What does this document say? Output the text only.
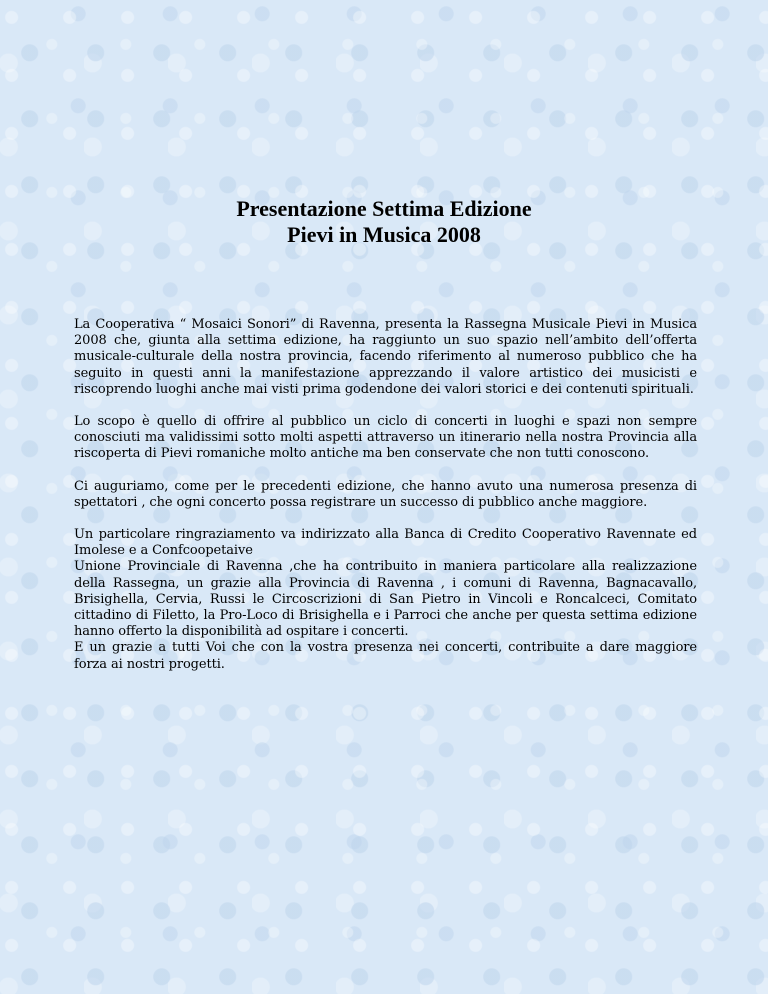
Presentazione Settima Edizione
Pievi in Musica 2008

La Cooperativa “ Mosaici Sonori” di Ravenna, presenta la Rassegna Musicale Pievi in Musica 2008 che, giunta alla settima edizione, ha raggiunto un suo spazio nell’ambito dell’offerta musicale-culturale della nostra provincia, facendo riferimento al numeroso pubblico che ha seguito in questi anni la manifestazione apprezzando il valore artistico dei musicisti e riscoprendo luoghi anche mai visti prima godendone dei valori storici e dei contenuti spirituali.

Lo scopo è quello di offrire al pubblico un ciclo di concerti in luoghi e spazi non sempre conosciuti ma validissimi sotto molti aspetti attraverso un itinerario nella nostra Provincia alla riscoperta di Pievi romaniche molto antiche ma ben conservate che non tutti conoscono.

Ci auguriamo, come per le precedenti edizione, che hanno avuto una numerosa presenza di spettatori , che ogni concerto possa registrare un successo di pubblico anche maggiore.

Un particolare ringraziamento va indirizzato alla Banca di Credito Cooperativo Ravennate ed Imolese e a Confcoopetaive
Unione Provinciale di Ravenna ,che ha contribuito in maniera particolare alla realizzazione della Rassegna, un grazie alla Provincia di Ravenna , i comuni di Ravenna, Bagnacavallo, Brisighella, Cervia, Russi le Circoscrizioni di San Pietro in Vincoli e Roncalceci, Comitato cittadino di Filetto, la Pro-Loco di Brisighella e i Parroci che anche per questa settima edizione hanno offerto la disponibilità ad ospitare i concerti.
E un grazie a tutti Voi che con la vostra presenza nei concerti, contribuite a dare maggiore forza ai nostri progetti.
